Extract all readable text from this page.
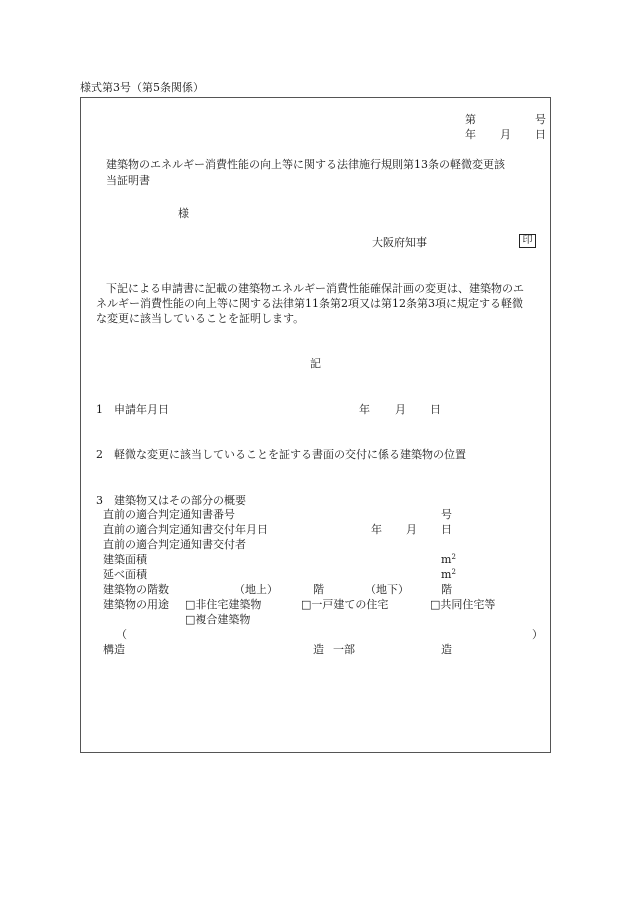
様式第3号（第5条関係）
第	号
年 月 日
建築物のエネルギー消費性能の向上等に関する法律施行規則第13条の軽微変更該
当証明書
様
大阪府知事	印
下記による申請書に記載の建築物エネルギー消費性能確保計画の変更は、建築物のエ
ネルギー消費性能の向上等に関する法律第11条第2項又は第12条第3項に規定する軽微
な変更に該当していることを証明します。
記
1 申請年月日	年 月 日
2 軽微な変更に該当していることを証する書面の交付に係る建築物の位置
3 建築物又はその部分の概要
直前の適合判定通知書番号	号
直前の適合判定通知書交付年月日	年 月 日
直前の適合判定通知書交付者
建築面積	$m^2$
延べ面積	$m^2$
建築物の階数	（地上）	階	（地下）	階
建築物の用途 □非住宅建築物	□一戸建ての住宅	□共同住宅等
□複合建築物
（	）
構造	造 一部	造
